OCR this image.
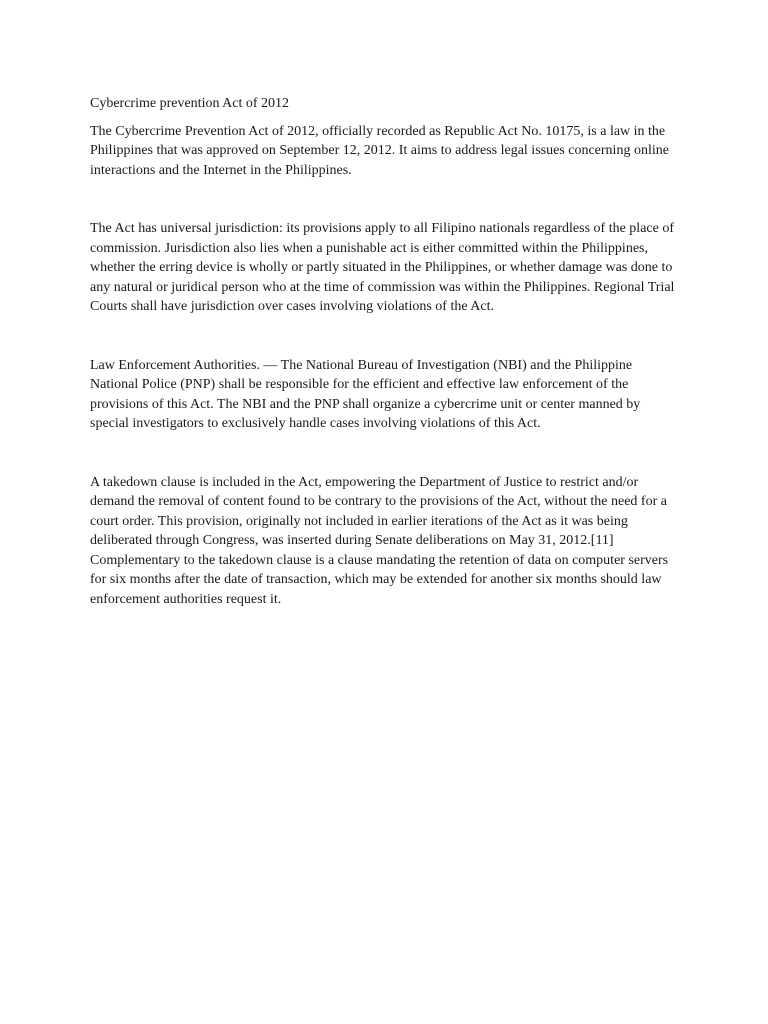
Cybercrime prevention Act of 2012

The Cybercrime Prevention Act of 2012, officially recorded as Republic Act No. 10175, is a law in the Philippines that was approved on September 12, 2012. It aims to address legal issues concerning online interactions and the Internet in the Philippines.

The Act has universal jurisdiction: its provisions apply to all Filipino nationals regardless of the place of commission. Jurisdiction also lies when a punishable act is either committed within the Philippines, whether the erring device is wholly or partly situated in the Philippines, or whether damage was done to any natural or juridical person who at the time of commission was within the Philippines. Regional Trial Courts shall have jurisdiction over cases involving violations of the Act.

Law Enforcement Authorities. — The National Bureau of Investigation (NBI) and the Philippine National Police (PNP) shall be responsible for the efficient and effective law enforcement of the provisions of this Act. The NBI and the PNP shall organize a cybercrime unit or center manned by special investigators to exclusively handle cases involving violations of this Act.

A takedown clause is included in the Act, empowering the Department of Justice to restrict and/or demand the removal of content found to be contrary to the provisions of the Act, without the need for a court order. This provision, originally not included in earlier iterations of the Act as it was being deliberated through Congress, was inserted during Senate deliberations on May 31, 2012.[11] Complementary to the takedown clause is a clause mandating the retention of data on computer servers for six months after the date of transaction, which may be extended for another six months should law enforcement authorities request it.
